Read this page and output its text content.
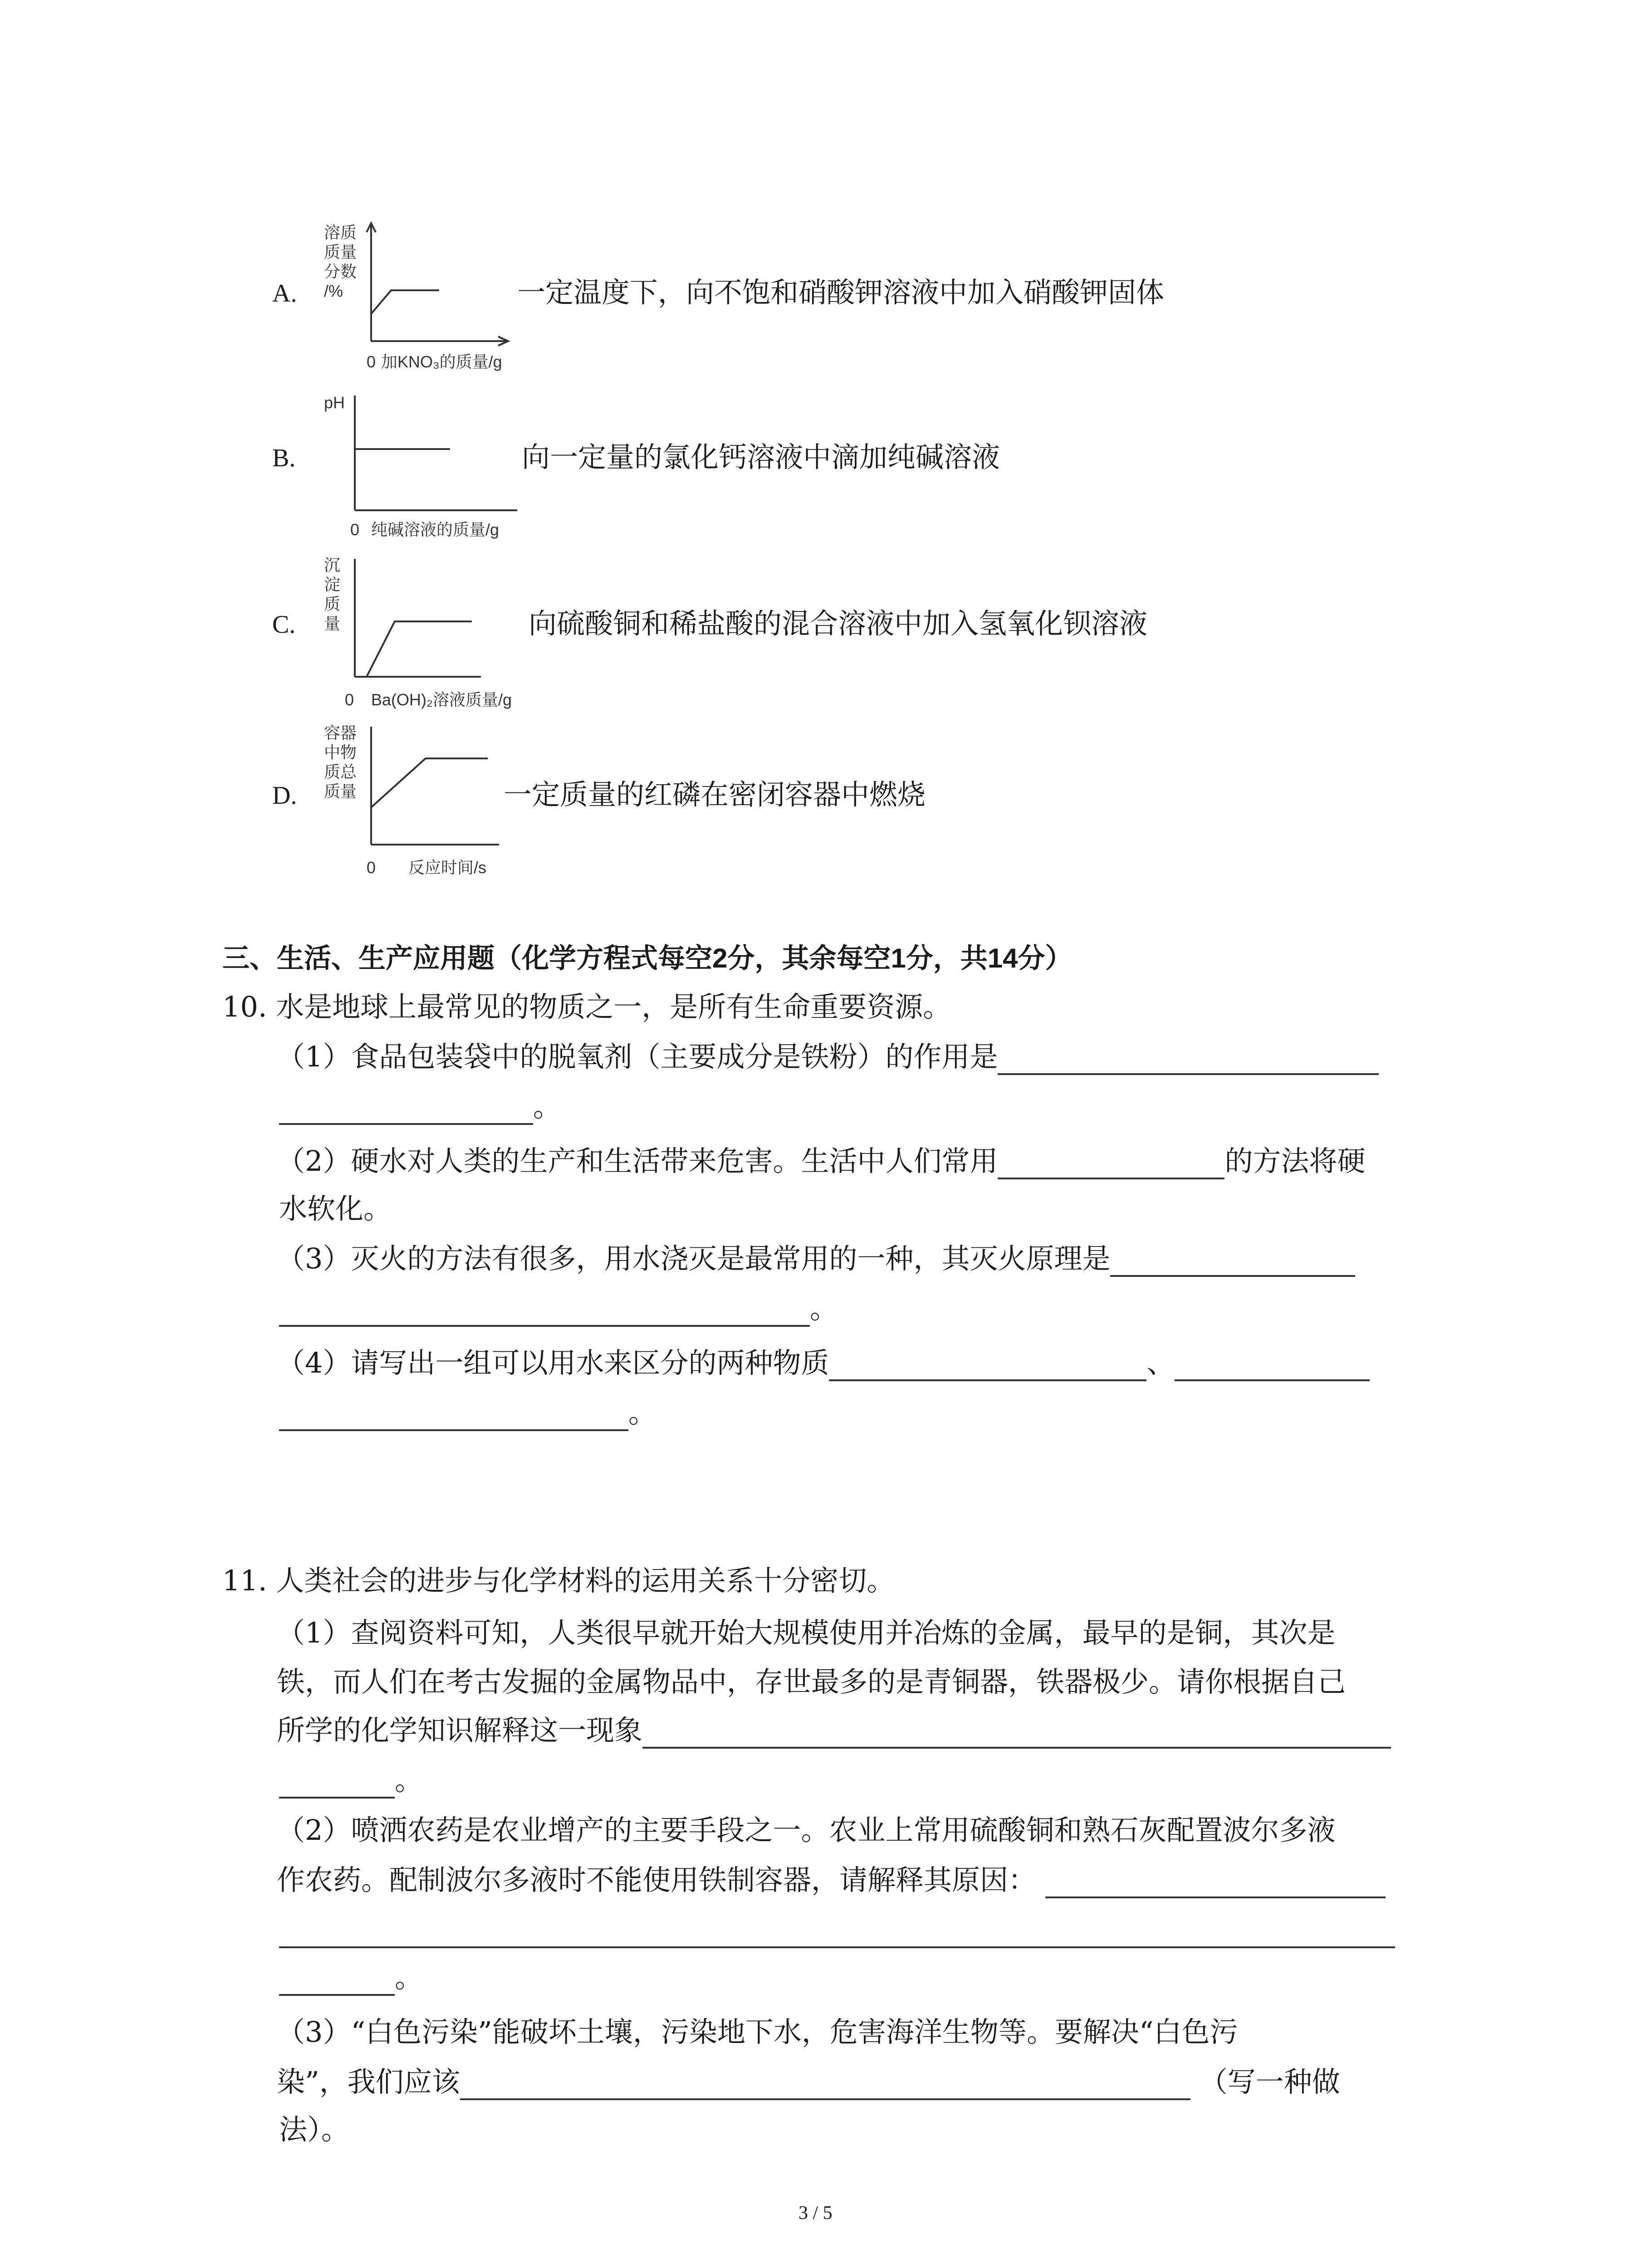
A.
溶质
质量
分数
/%
0 加KNO₃的质量/g
一定温度下，向不饱和硝酸钾溶液中加入硝酸钾固体
B.
pH
0 纯碱溶液的质量/g
向一定量的氯化钙溶液中滴加纯碱溶液
C.
沉
淀
质
量
0 Ba(OH)₂溶液质量/g
向硫酸铜和稀盐酸的混合溶液中加入氢氧化钡溶液
D.
容器
中物
质总
质量
0 反应时间/s
一定质量的红磷在密闭容器中燃烧
三、生活、生产应用题（化学方程式每空2分，其余每空1分，共14分）
10. 水是地球上最常见的物质之一，是所有生命重要资源。
（1）食品包装袋中的脱氧剂（主要成分是铁粉）的作用是
。
（2）硬水对人类的生产和生活带来危害。生活中人们常用	的方法将硬
水软化。
（3）灭火的方法有很多，用水浇灭是最常用的一种，其灭火原理是
。
（4）请写出一组可以用水来区分的两种物质	、
。
11. 人类社会的进步与化学材料的运用关系十分密切。
（1）查阅资料可知，人类很早就开始大规模使用并冶炼的金属，最早的是铜，其次是
铁，而人们在考古发掘的金属物品中，存世最多的是青铜器，铁器极少。请你根据自己
所学的化学知识解释这一现象
。
（2）喷洒农药是农业增产的主要手段之一。农业上常用硫酸铜和熟石灰配置波尔多液
作农药。配制波尔多液时不能使用铁制容器，请解释其原因：
。
（3）“白色污染”能破坏土壤，污染地下水，危害海洋生物等。要解决“白色污
染”，我们应该	（写一种做
法）。
3 / 5
